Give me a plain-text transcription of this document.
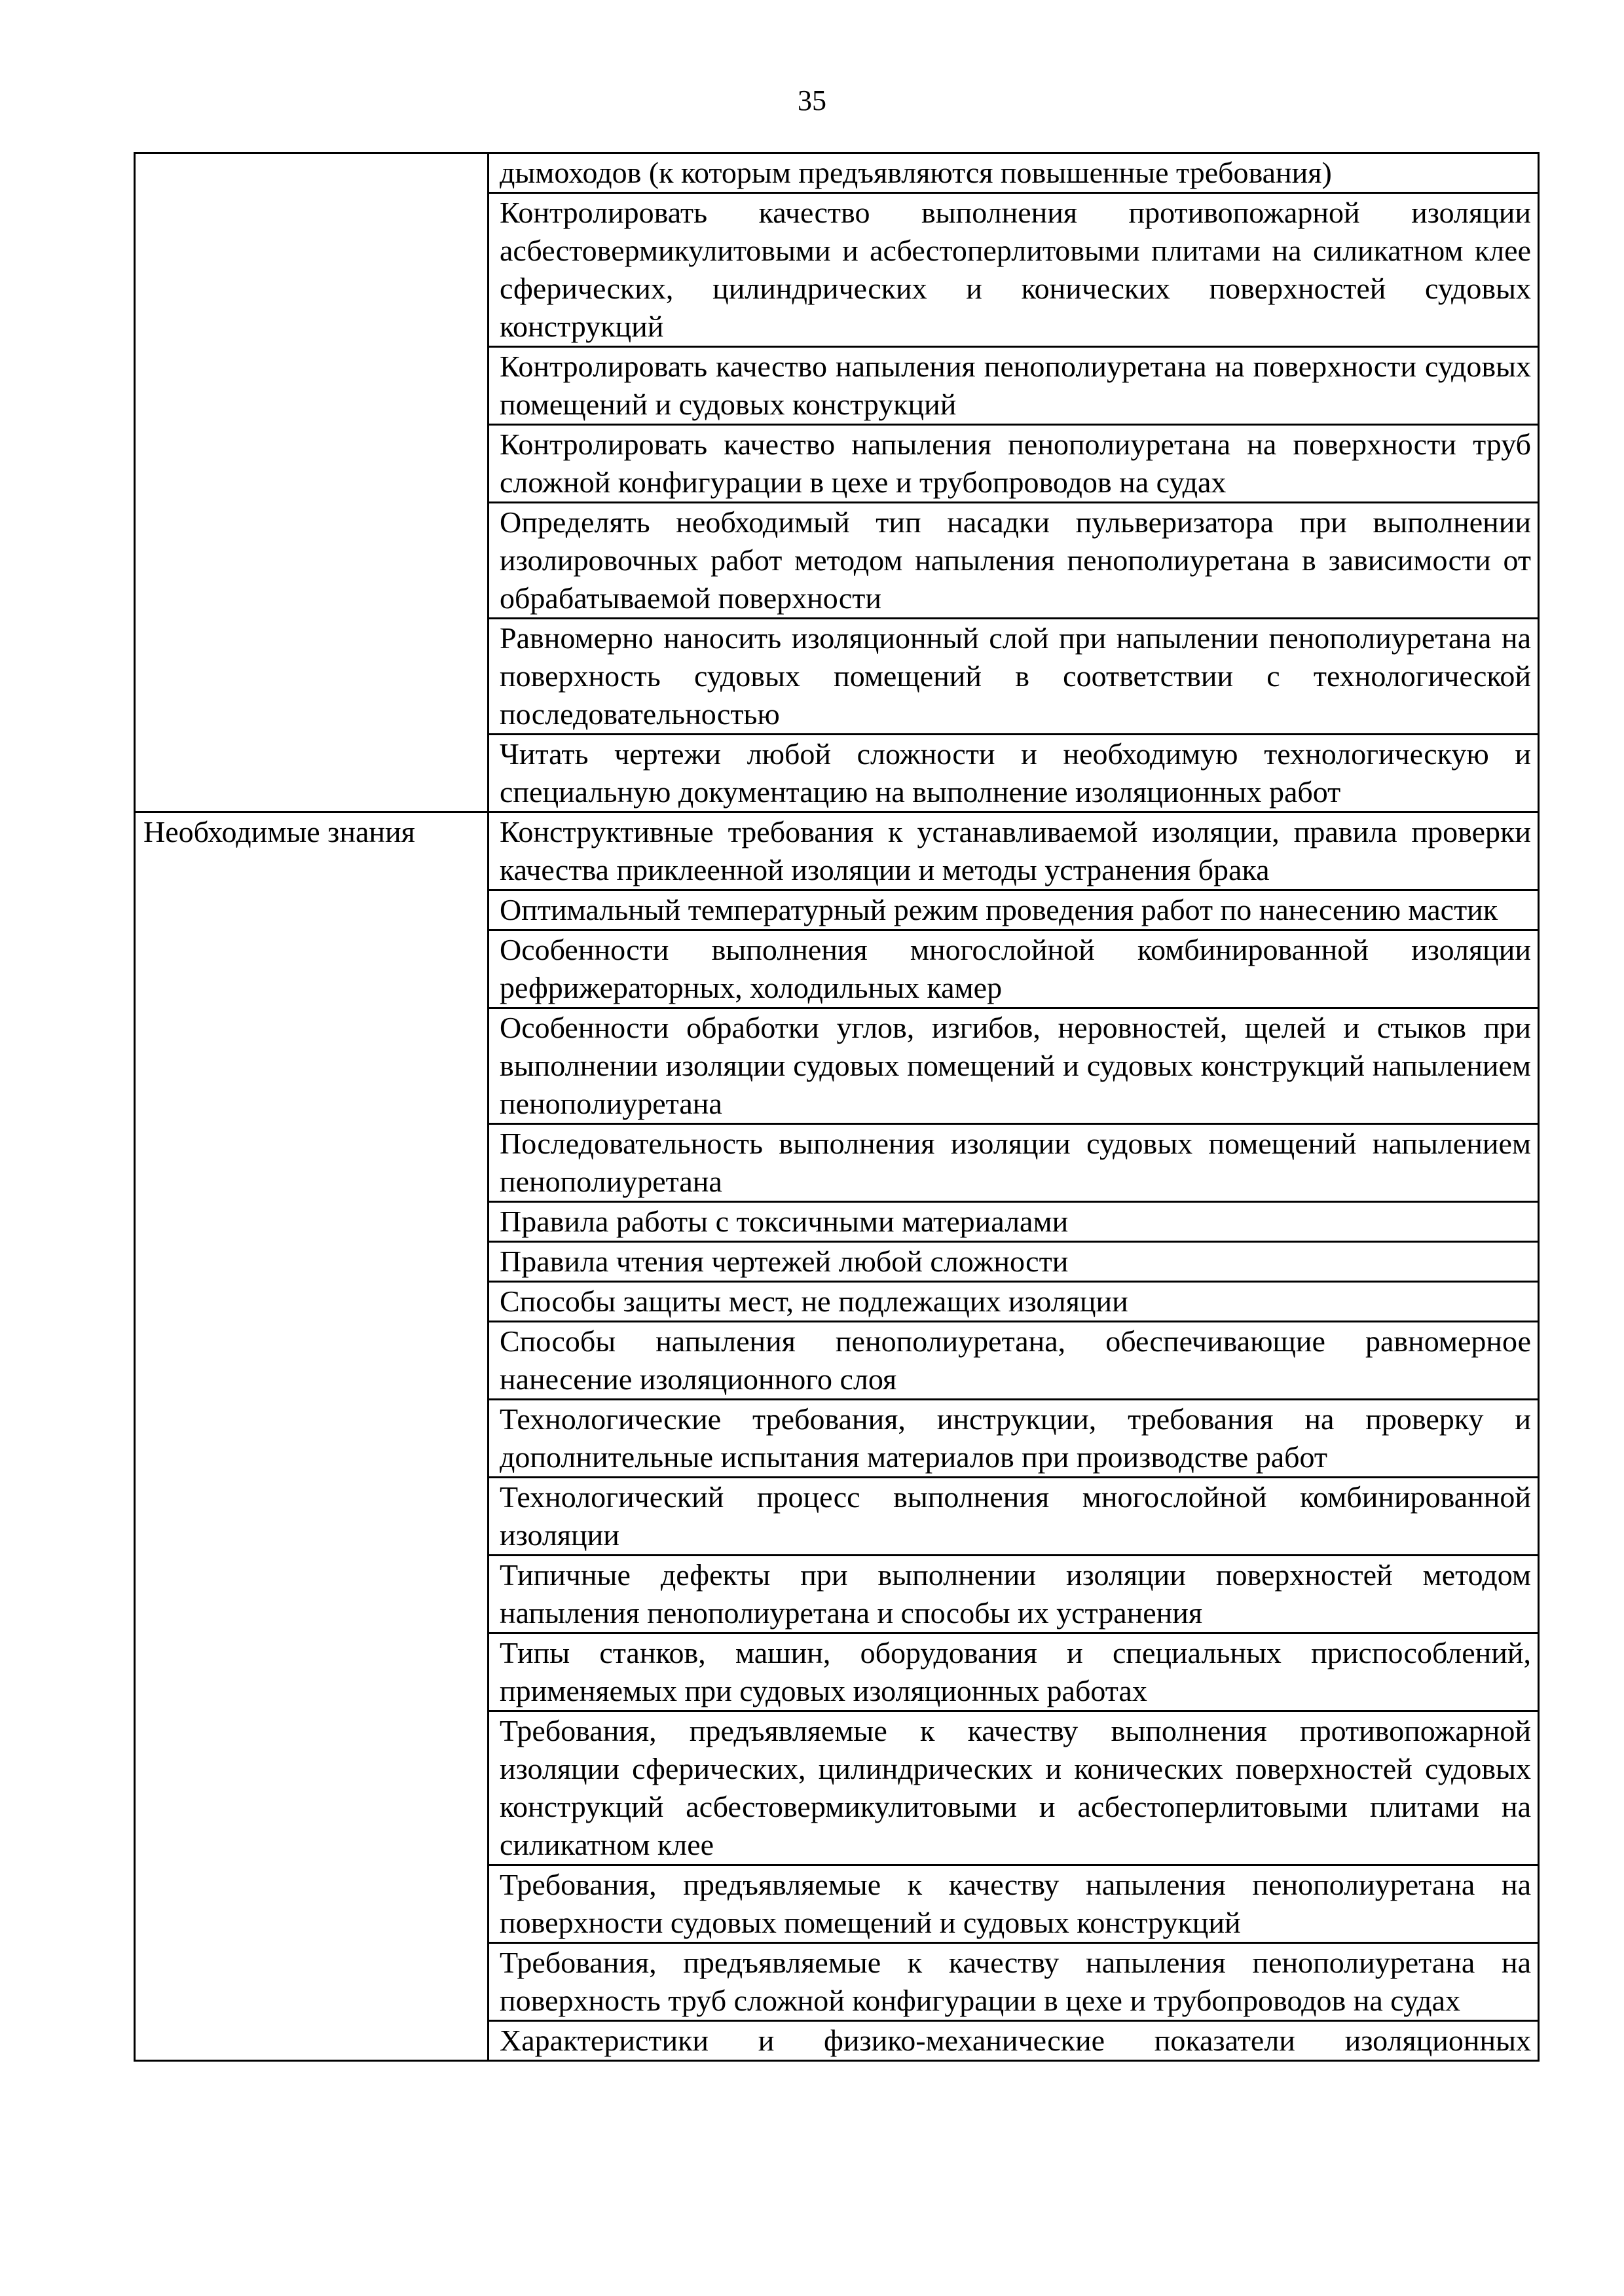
35
	дымоходов (к которым предъявляются повышенные требования)
	Контролировать качество выполнения противопожарной изоляции асбестовермикулитовыми и асбестоперлитовыми плитами на силикатном клее сферических, цилиндрических и конических поверхностей судовых конструкций
	Контролировать качество напыления пенополиуретана на поверхности судовых помещений и судовых конструкций
	Контролировать качество напыления пенополиуретана на поверхности труб сложной конфигурации в цехе и трубопроводов на судах
	Определять необходимый тип насадки пульверизатора при выполнении изолировочных работ методом напыления пенополиуретана в зависимости от обрабатываемой поверхности
	Равномерно наносить изоляционный слой при напылении пенополиуретана на поверхность судовых помещений в соответствии с технологической последовательностью
	Читать чертежи любой сложности и необходимую технологическую и специальную документацию на выполнение изоляционных работ
Необходимые знания	Конструктивные требования к устанавливаемой изоляции, правила проверки качества приклеенной изоляции и методы устранения брака
	Оптимальный температурный режим проведения работ по нанесению мастик
	Особенности выполнения многослойной комбинированной изоляции рефрижераторных, холодильных камер
	Особенности обработки углов, изгибов, неровностей, щелей и стыков при выполнении изоляции судовых помещений и судовых конструкций напылением пенополиуретана
	Последовательность выполнения изоляции судовых помещений напылением пенополиуретана
	Правила работы с токсичными материалами
	Правила чтения чертежей любой сложности
	Способы защиты мест, не подлежащих изоляции
	Способы напыления пенополиуретана, обеспечивающие равномерное нанесение изоляционного слоя
	Технологические требования, инструкции, требования на проверку и дополнительные испытания материалов при производстве работ
	Технологический процесс выполнения многослойной комбинированной изоляции
	Типичные дефекты при выполнении изоляции поверхностей методом напыления пенополиуретана и способы их устранения
	Типы станков, машин, оборудования и специальных приспособлений, применяемых при судовых изоляционных работах
	Требования, предъявляемые к качеству выполнения противопожарной изоляции сферических, цилиндрических и конических поверхностей судовых конструкций асбестовермикулитовыми и асбестоперлитовыми плитами на силикатном клее
	Требования, предъявляемые к качеству напыления пенополиуретана на поверхности судовых помещений и судовых конструкций
	Требования, предъявляемые к качеству напыления пенополиуретана на поверхность труб сложной конфигурации в цехе и трубопроводов на судах
	Характеристики и физико-механические показатели изоляционных
